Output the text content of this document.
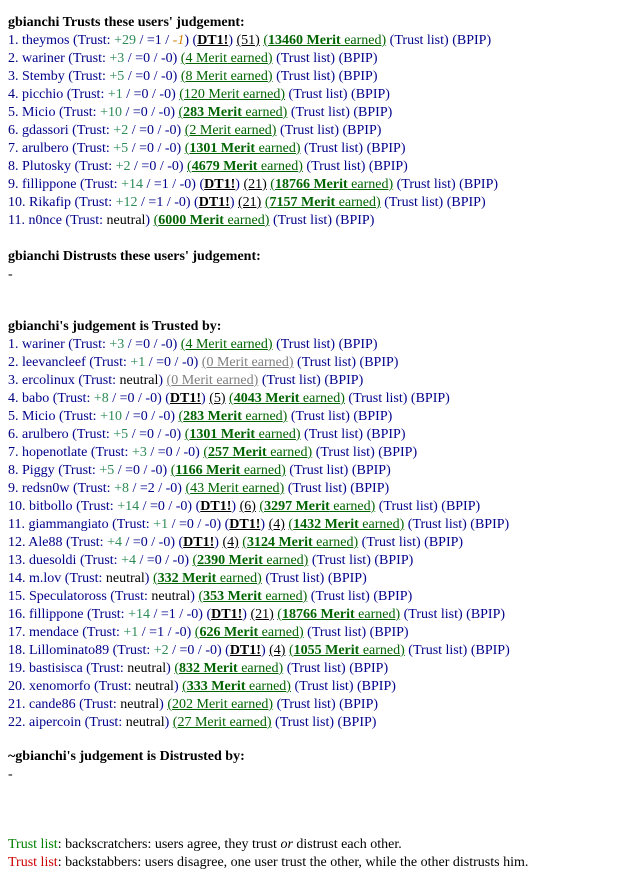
gbianchi Trusts these users' judgement:

1. theymos (Trust: +29 / =1 / -1) (DT1!) (51) (13460 Merit earned) (Trust list) (BPIP)
2. wariner (Trust: +3 / =0 / -0) (4 Merit earned) (Trust list) (BPIP)
3. Stemby (Trust: +5 / =0 / -0) (8 Merit earned) (Trust list) (BPIP)
4. picchio (Trust: +1 / =0 / -0) (120 Merit earned) (Trust list) (BPIP)
5. Micio (Trust: +10 / =0 / -0) (283 Merit earned) (Trust list) (BPIP)
6. gdassori (Trust: +2 / =0 / -0) (2 Merit earned) (Trust list) (BPIP)
7. arulbero (Trust: +5 / =0 / -0) (1301 Merit earned) (Trust list) (BPIP)
8. Plutosky (Trust: +2 / =0 / -0) (4679 Merit earned) (Trust list) (BPIP)
9. fillippone (Trust: +14 / =1 / -0) (DT1!) (21) (18766 Merit earned) (Trust list) (BPIP)
10. Rikafip (Trust: +12 / =1 / -0) (DT1!) (21) (7157 Merit earned) (Trust list) (BPIP)
11. n0nce (Trust: neutral) (6000 Merit earned) (Trust list) (BPIP)

gbianchi Distrusts these users' judgement:

-

gbianchi's judgement is Trusted by:

1. wariner (Trust: +3 / =0 / -0) (4 Merit earned) (Trust list) (BPIP)
2. leevancleef (Trust: +1 / =0 / -0) (0 Merit earned) (Trust list) (BPIP)
3. ercolinux (Trust: neutral) (0 Merit earned) (Trust list) (BPIP)
4. babo (Trust: +8 / =0 / -0) (DT1!) (5) (4043 Merit earned) (Trust list) (BPIP)
5. Micio (Trust: +10 / =0 / -0) (283 Merit earned) (Trust list) (BPIP)
6. arulbero (Trust: +5 / =0 / -0) (1301 Merit earned) (Trust list) (BPIP)
7. hopenotlate (Trust: +3 / =0 / -0) (257 Merit earned) (Trust list) (BPIP)
8. Piggy (Trust: +5 / =0 / -0) (1166 Merit earned) (Trust list) (BPIP)
9. redsn0w (Trust: +8 / =2 / -0) (43 Merit earned) (Trust list) (BPIP)
10. bitbollo (Trust: +14 / =0 / -0) (DT1!) (6) (3297 Merit earned) (Trust list) (BPIP)
11. giammangiato (Trust: +1 / =0 / -0) (DT1!) (4) (1432 Merit earned) (Trust list) (BPIP)
12. Ale88 (Trust: +4 / =0 / -0) (DT1!) (4) (3124 Merit earned) (Trust list) (BPIP)
13. duesoldi (Trust: +4 / =0 / -0) (2390 Merit earned) (Trust list) (BPIP)
14. m.lov (Trust: neutral) (332 Merit earned) (Trust list) (BPIP)
15. Speculatoross (Trust: neutral) (353 Merit earned) (Trust list) (BPIP)
16. fillippone (Trust: +14 / =1 / -0) (DT1!) (21) (18766 Merit earned) (Trust list) (BPIP)
17. mendace (Trust: +1 / =1 / -0) (626 Merit earned) (Trust list) (BPIP)
18. Lillominato89 (Trust: +2 / =0 / -0) (DT1!) (4) (1055 Merit earned) (Trust list) (BPIP)
19. bastisisca (Trust: neutral) (832 Merit earned) (Trust list) (BPIP)
20. xenomorfo (Trust: neutral) (333 Merit earned) (Trust list) (BPIP)
21. cande86 (Trust: neutral) (202 Merit earned) (Trust list) (BPIP)
22. aipercoin (Trust: neutral) (27 Merit earned) (Trust list) (BPIP)

~gbianchi's judgement is Distrusted by:

-

Trust list: backscratchers: users agree, they trust or distrust each other.

Trust list: backstabbers: users disagree, one user trust the other, while the other distrusts him.
